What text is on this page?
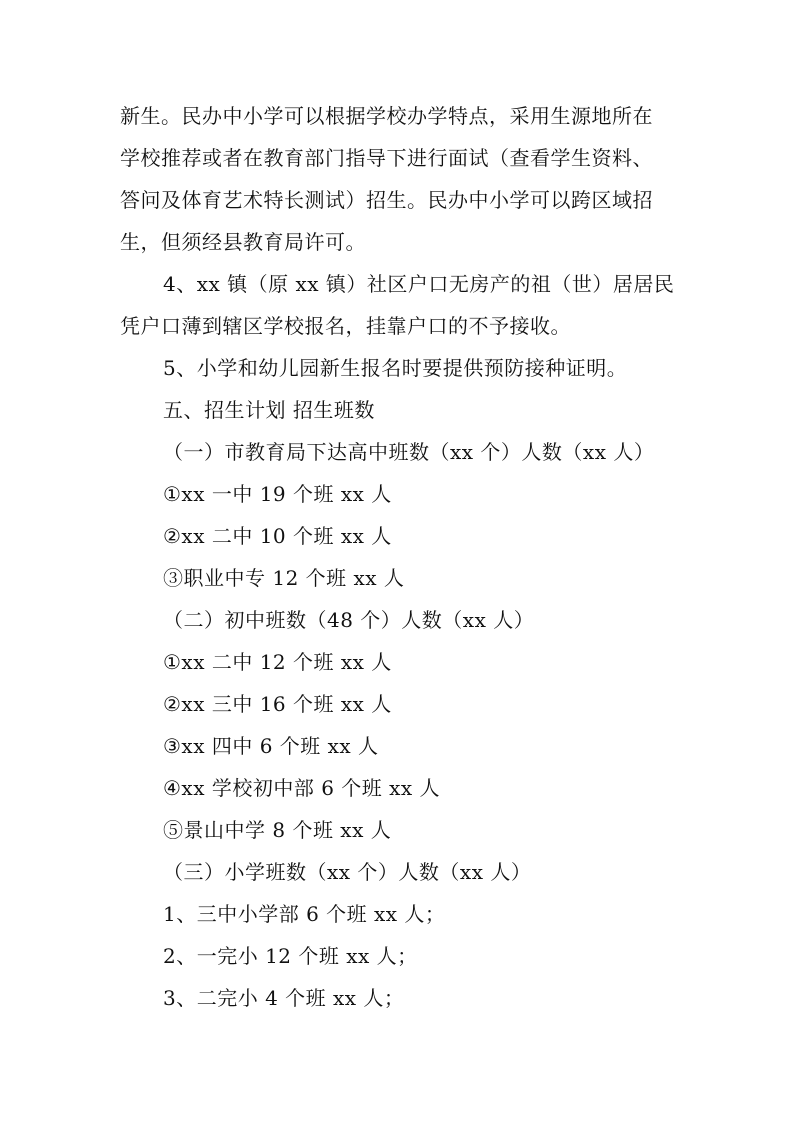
新生。民办中小学可以根据学校办学特点，采用生源地所在
学校推荐或者在教育部门指导下进行面试（查看学生资料、
答问及体育艺术特长测试）招生。民办中小学可以跨区域招
生，但须经县教育局许可。
4、xx 镇（原 xx 镇）社区户口无房产的祖（世）居居民
凭户口薄到辖区学校报名，挂靠户口的不予接收。
5、小学和幼儿园新生报名时要提供预防接种证明。
五、招生计划 招生班数
（一）市教育局下达高中班数（xx 个）人数（xx 人）
①xx 一中 19 个班 xx 人
②xx 二中 10 个班 xx 人
③职业中专 12 个班 xx 人
（二）初中班数（48 个）人数（xx 人）
①xx 二中 12 个班 xx 人
②xx 三中 16 个班 xx 人
③xx 四中 6 个班 xx 人
④xx 学校初中部 6 个班 xx 人
⑤景山中学 8 个班 xx 人
（三）小学班数（xx 个）人数（xx 人）
1、三中小学部 6 个班 xx 人；
2、一完小 12 个班 xx 人；
3、二完小 4 个班 xx 人；
